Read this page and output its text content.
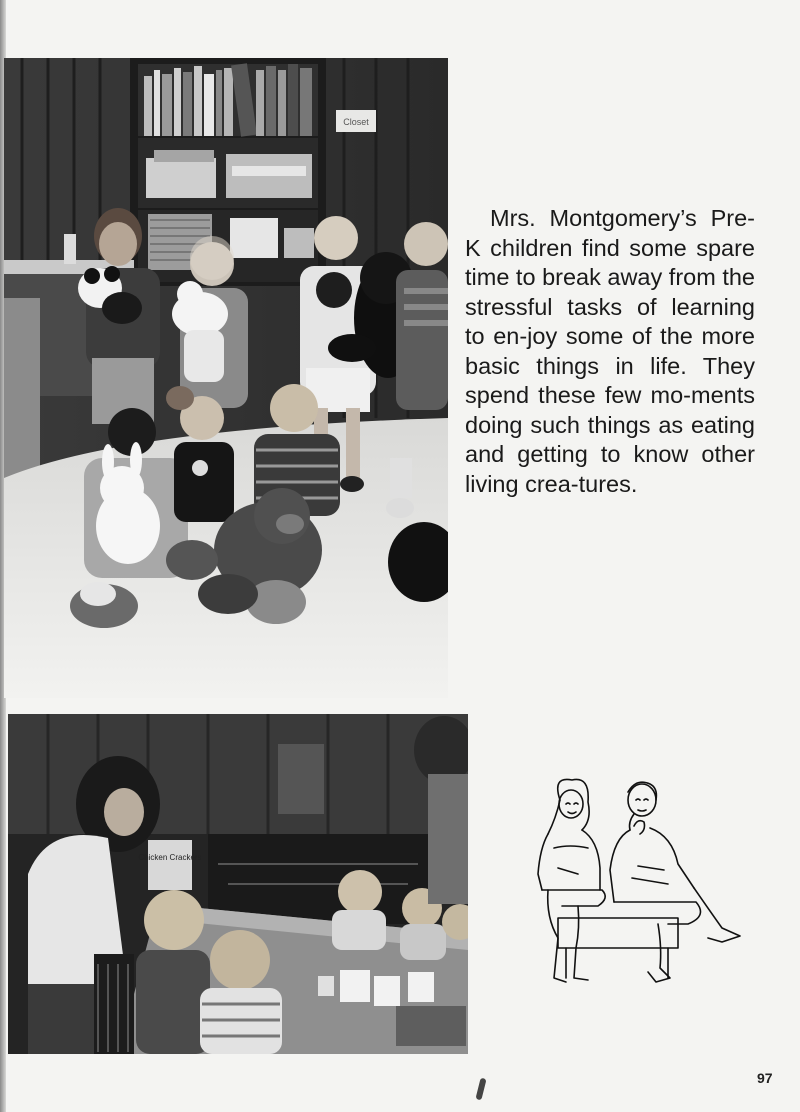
Closet
Chicken Crackers

Mrs. Montgomery’s Pre-K children find some spare time to break away from the stressful tasks of learning to en-joy some of the more basic things in life. They spend these few mo-ments doing such things as eating and getting to know other living crea-tures.

97
